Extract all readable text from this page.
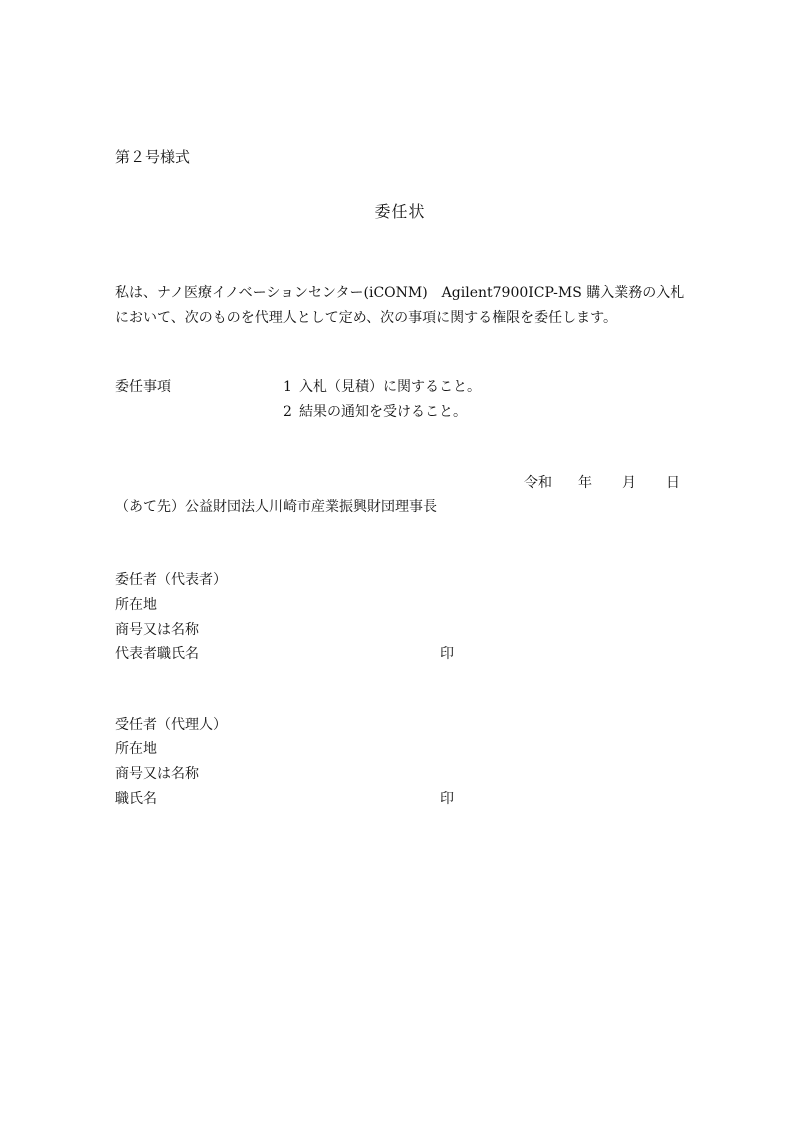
第２号様式
委任状
私は、ナノ医療イノベーションセンター(iCONM)　Agilent7900ICP-MS 購入業務の入札
において、次のものを代理人として定め、次の事項に関する権限を委任します。
委任事項	1 入札（見積）に関すること。
2 結果の通知を受けること。
令和 年 月 日
（あて先）公益財団法人川崎市産業振興財団理事長
委任者（代表者）
所在地
商号又は名称
代表者職氏名	印
受任者（代理人）
所在地
商号又は名称
職氏名	印
